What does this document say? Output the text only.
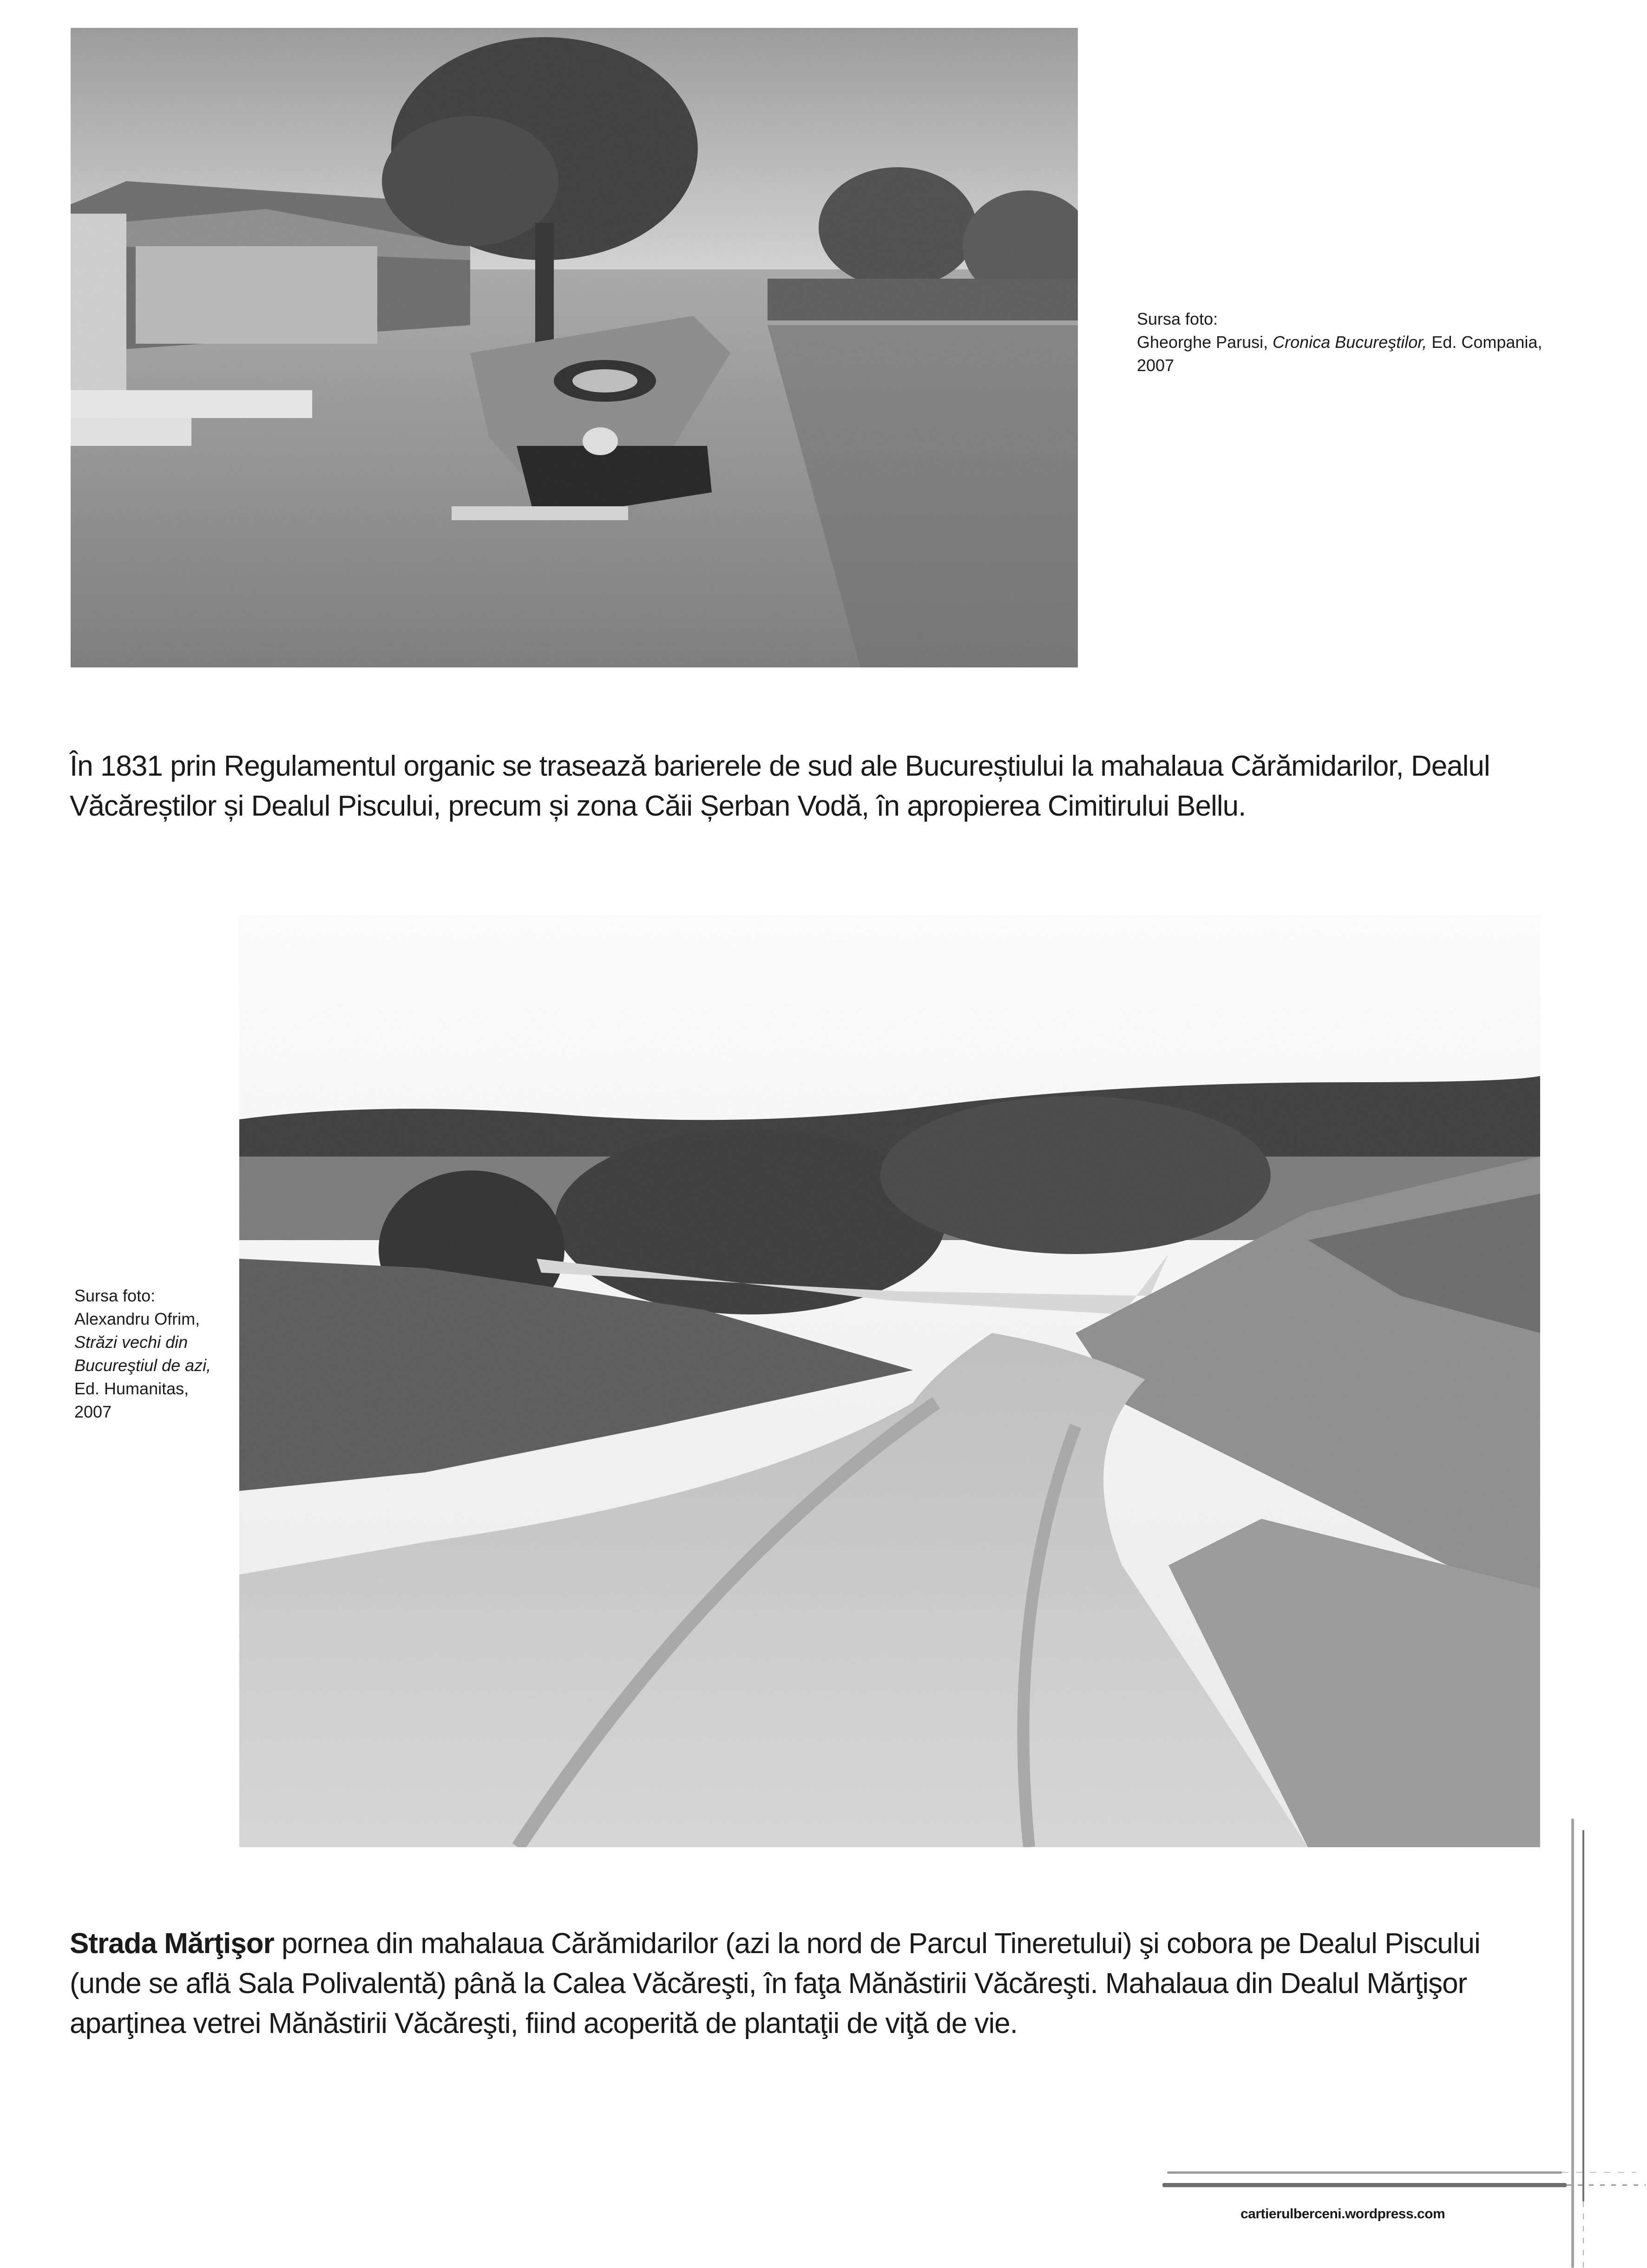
Sursa foto:
Gheorghe Parusi, Cronica Bucureştilor, Ed. Compania, 2007

În 1831 prin Regulamentul organic se trasează barierele de sud ale Bucureștiului la mahalaua Cărămidarilor, Dealul Văcăreștilor și Dealul Piscului, precum și zona Căii Șerban Vodă, în apropierea Cimitirului Bellu.

Sursa foto:
Alexandru Ofrim, Străzi vechi din Bucureştiul de azi,
Ed. Humanitas, 2007

Strada Mărţişor pornea din mahalaua Cărămidarilor (azi la nord de Parcul Tineretului) şi cobora pe Dealul Piscului (unde se aflä Sala Polivalentă) până la Calea Văcăreşti, în faţa Mănăstirii Văcăreşti. Mahalaua din Dealul Mărţişor aparţinea vetrei Mănăstirii Văcăreşti, fiind acoperită de plantaţii de viţă de vie.

cartierulberceni.wordpress.com
